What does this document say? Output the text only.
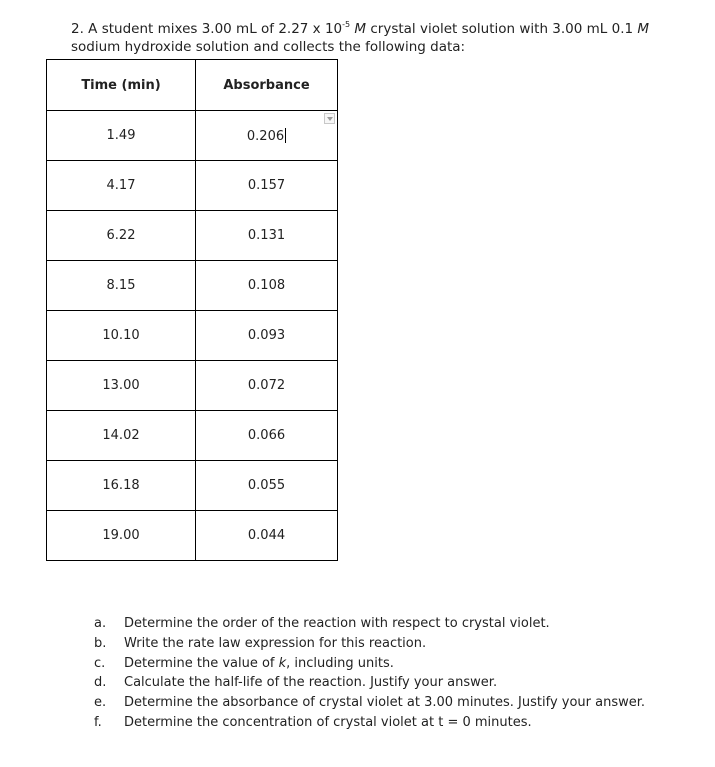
2. A student mixes 3.00 mL of 2.27 x $10^{-5}$ M crystal violet solution with 3.00 mL 0.1 M sodium hydroxide solution and collects the following data:
Time (min)	Absorbance
1.49	0.206

4.17	0.157
6.22	0.131
8.15	0.108
10.10	0.093
13.00	0.072
14.02	0.066
16.18	0.055
19.00	0.044
a.	Determine the order of the reaction with respect to crystal violet.
b.	Write the rate law expression for this reaction.
c.	Determine the value of k, including units.
d.	Calculate the half-life of the reaction. Justify your answer.
e.	Determine the absorbance of crystal violet at 3.00 minutes. Justify your answer.
f.	Determine the concentration of crystal violet at t = 0 minutes.
